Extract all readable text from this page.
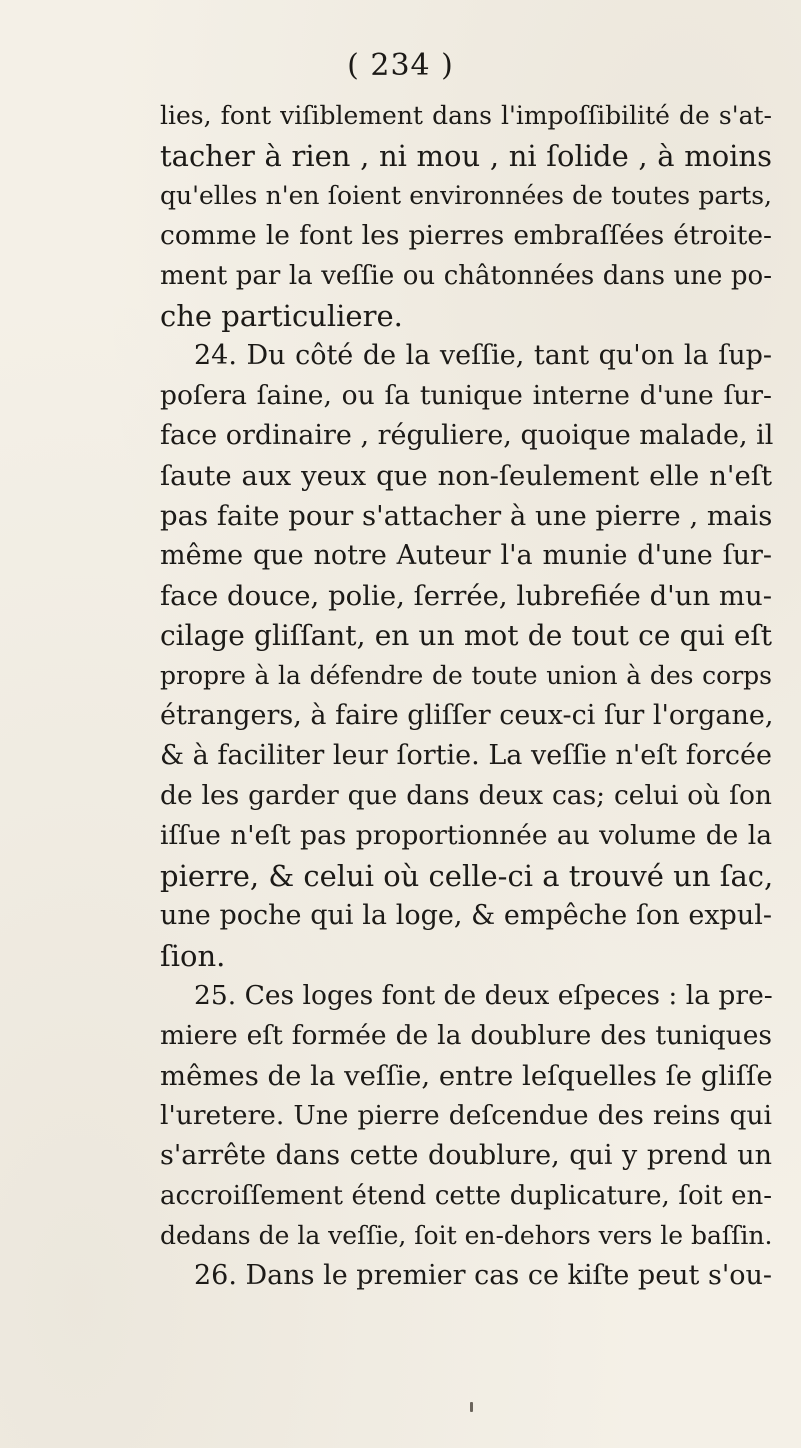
( 234 )
lies, font viſiblement dans l'impoſſibilité de s'at-
tacher à rien , ni mou , ni ſolide , à moins
qu'elles n'en ſoient environnées de toutes parts,
comme le font les pierres embraſſées étroite-
ment par la veſſie ou châtonnées dans une po-
che particuliere.
24. Du côté de la veſſie, tant qu'on la ſup-
poſera ſaine, ou ſa tunique interne d'une ſur-
face ordinaire , réguliere, quoique malade, il
ſaute aux yeux que non-ſeulement elle n'eſt
pas faite pour s'attacher à une pierre , mais
même que notre Auteur l'a munie d'une ſur-
face douce, polie, ſerrée, lubrefiée d'un mu-
cilage gliſſant, en un mot de tout ce qui eſt
propre à la défendre de toute union à des corps
étrangers, à faire gliſſer ceux-ci ſur l'organe,
& à faciliter leur ſortie. La veſſie n'eſt forcée
de les garder que dans deux cas; celui où ſon
iſſue n'eſt pas proportionnée au volume de la
pierre, & celui où celle-ci a trouvé un ſac,
une poche qui la loge, & empêche ſon expul-
ſion.
25. Ces loges font de deux eſpeces : la pre-
miere eſt formée de la doublure des tuniques
mêmes de la veſſie, entre leſquelles ſe gliſſe
l'uretere. Une pierre deſcendue des reins qui
s'arrête dans cette doublure, qui y prend un
accroiſſement étend cette duplicature, ſoit en-
dedans de la veſſie, ſoit en-dehors vers le baſſin.
26. Dans le premier cas ce kiſte peut s'ou-
